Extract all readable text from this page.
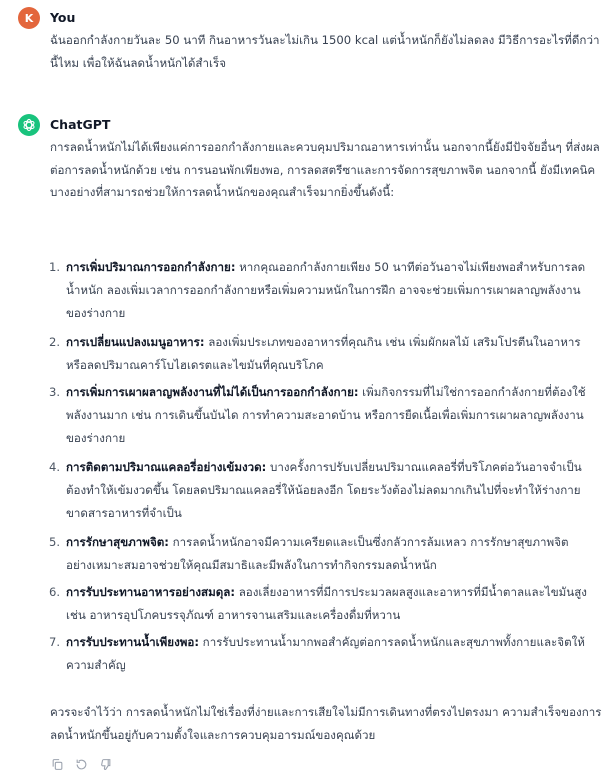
K You
ฉันออกกำลังกายวันละ 50 นาที กินอาหารวันละไม่เกิน 1500 kcal แต่น้ำหนักก็ยังไม่ลดลง มีวิธีการอะไรที่ดีกว่านี้ไหม เพื่อให้ฉันลดน้ำหนักได้สำเร็จ
ChatGPT
การลดน้ำหนักไม่ได้เพียงแค่การออกกำลังกายและควบคุมปริมาณอาหารเท่านั้น นอกจากนี้ยังมีปัจจัยอื่นๆ ที่ส่งผลต่อการลดน้ำหนักด้วย เช่น การนอนพักเพียงพอ, การลดสตรีซาและการจัดการสุขภาพจิต นอกจากนี้ ยังมีเทคนิคบางอย่างที่สามารถช่วยให้การลดน้ำหนักของคุณสำเร็จมากยิ่งขึ้นดังนี้:
1. การเพิ่มปริมาณการออกกำลังกาย: หากคุณออกกำลังกายเพียง 50 นาทีต่อวันอาจไม่เพียงพอสำหรับการลดน้ำหนัก ลองเพิ่มเวลาการออกกำลังกายหรือเพิ่มความหนักในการฝึก อาจจะช่วยเพิ่มการเผาผลาญพลังงานของร่างกาย
2. การเปลี่ยนแปลงเมนูอาหาร: ลองเพิ่มประเภทของอาหารที่คุณกิน เช่น เพิ่มผักผลไม้ เสริมโปรตีนในอาหาร หรือลดปริมาณคาร์โบไฮเดรตและไขมันที่คุณบริโภค
3. การเพิ่มการเผาผลาญพลังงานที่ไม่ได้เป็นการออกกำลังกาย: เพิ่มกิจกรรมที่ไม่ใช่การออกกำลังกายที่ต้องใช้พลังงานมาก เช่น การเดินขึ้นบันได การทำความสะอาดบ้าน หรือการยืดเนื้อเพื่อเพิ่มการเผาผลาญพลังงานของร่างกาย
4. การติดตามปริมาณแคลอรี่อย่างเข้มงวด: บางครั้งการปรับเปลี่ยนปริมาณแคลอรี่ที่บริโภคต่อวันอาจจำเป็นต้องทำให้เข้มงวดขึ้น โดยลดปริมาณแคลอรี่ให้น้อยลงอีก โดยระวังต้องไม่ลดมากเกินไปที่จะทำให้ร่างกายขาดสารอาหารที่จำเป็น
5. การรักษาสุขภาพจิต: การลดน้ำหนักอาจมีความเครียดและเป็นซึ่งกลัวการล้มเหลว การรักษาสุขภาพจิตอย่างเหมาะสมอาจช่วยให้คุณมีสมาธิและมีพลังในการทำกิจกรรมลดน้ำหนัก
6. การรับประทานอาหารอย่างสมดุล: ลองเลี่ยงอาหารที่มีการประมวลผลสูงและอาหารที่มีน้ำตาลและไขมันสูง เช่น อาหารอุปโภคบรรจุภัณฑ์ อาหารจานเสริมและเครื่องดื่มที่หวาน
7. การรับประทานน้ำเพียงพอ: การรับประทานน้ำมากพอสำคัญต่อการลดน้ำหนักและสุขภาพทั้งกายและจิตให้ความสำคัญ
ควรจะจำไว้ว่า การลดน้ำหนักไม่ใช่เรื่องที่ง่ายและการเสียใจไม่มีการเดินทางที่ตรงไปตรงมา ความสำเร็จของการลดน้ำหนักขึ้นอยู่กับความตั้งใจและการควบคุมอารมณ์ของคุณด้วย
